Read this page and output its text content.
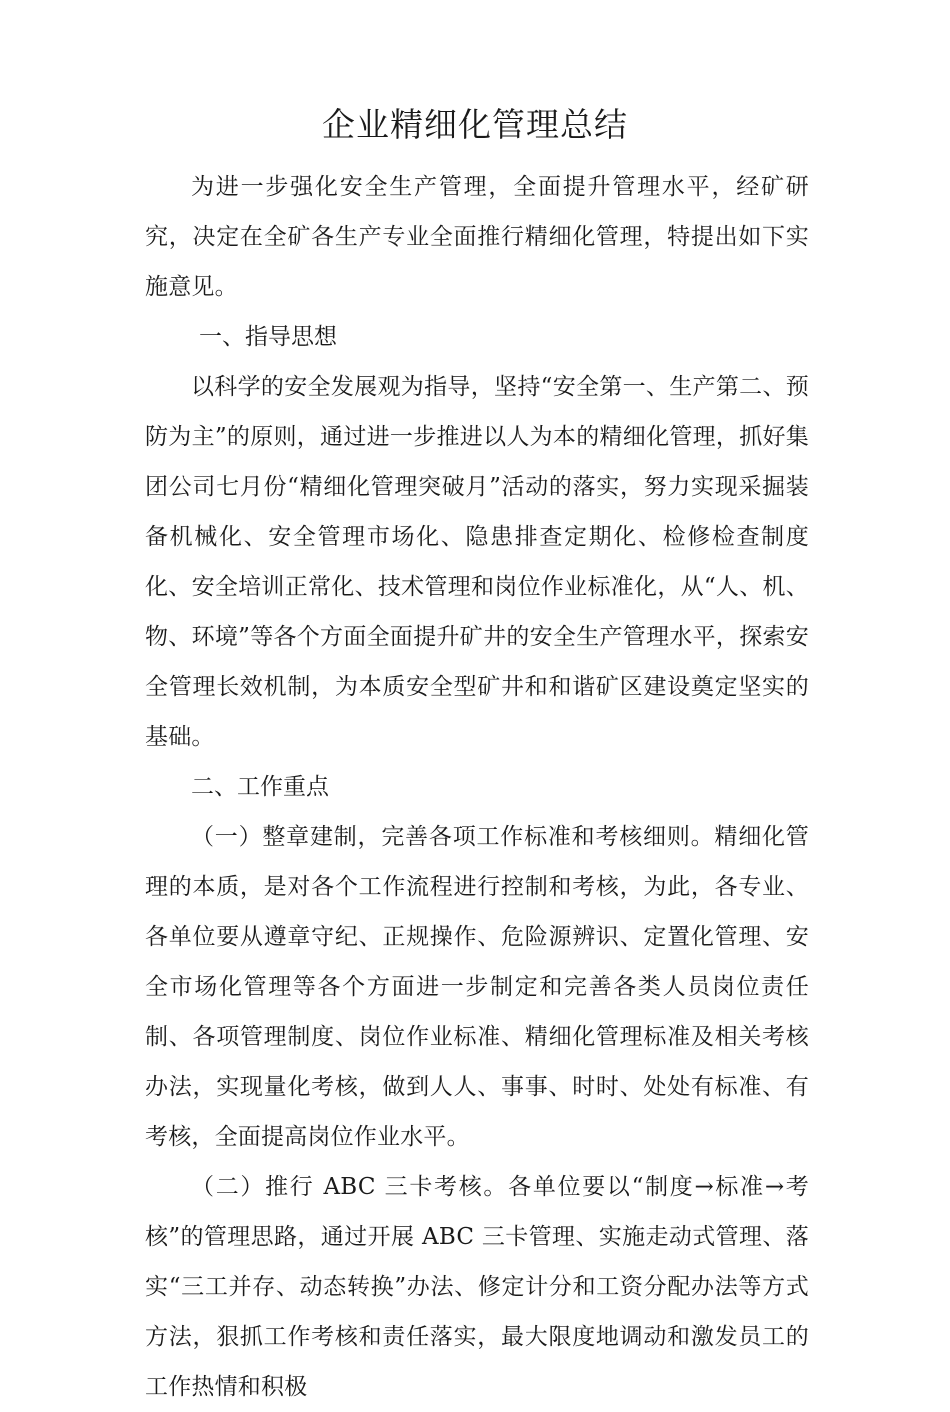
企业精细化管理总结

为进一步强化安全生产管理，全面提升管理水平，经矿研究，决定在全矿各生产专业全面推行精细化管理，特提出如下实施意见。

一、指导思想

以科学的安全发展观为指导，坚持“安全第一、生产第二、预防为主”的原则，通过进一步推进以人为本的精细化管理，抓好集团公司七月份“精细化管理突破月”活动的落实，努力实现采掘装备机械化、安全管理市场化、隐患排查定期化、检修检查制度化、安全培训正常化、技术管理和岗位作业标准化，从“人、机、物、环境”等各个方面全面提升矿井的安全生产管理水平，探索安全管理长效机制，为本质安全型矿井和和谐矿区建设奠定坚实的基础。

二、工作重点

（一）整章建制，完善各项工作标准和考核细则。精细化管理的本质，是对各个工作流程进行控制和考核，为此，各专业、各单位要从遵章守纪、正规操作、危险源辨识、定置化管理、安全市场化管理等各个方面进一步制定和完善各类人员岗位责任制、各项管理制度、岗位作业标准、精细化管理标准及相关考核办法，实现量化考核，做到人人、事事、时时、处处有标准、有考核，全面提高岗位作业水平。

（二）推行 ABC 三卡考核。各单位要以“制度→标准→考核”的管理思路，通过开展 ABC 三卡管理、实施走动式管理、落实“三工并存、动态转换”办法、修定计分和工资分配办法等方式方法，狠抓工作考核和责任落实，最大限度地调动和激发员工的工作热情和积极
